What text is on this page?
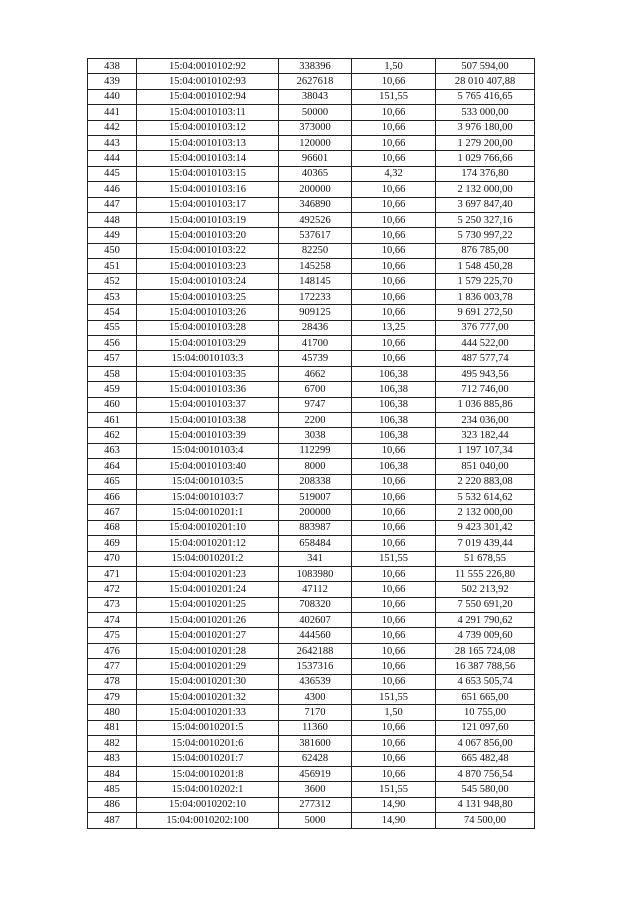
438	15:04:0010102:92	338396	1,50	507 594,00
439	15:04:0010102:93	2627618	10,66	28 010 407,88
440	15:04:0010102:94	38043	151,55	5 765 416,65
441	15:04:0010103:11	50000	10,66	533 000,00
442	15:04:0010103:12	373000	10,66	3 976 180,00
443	15:04:0010103:13	120000	10,66	1 279 200,00
444	15:04:0010103:14	96601	10,66	1 029 766,66
445	15:04:0010103:15	40365	4,32	174 376,80
446	15:04:0010103:16	200000	10,66	2 132 000,00
447	15:04:0010103:17	346890	10,66	3 697 847,40
448	15:04:0010103:19	492526	10,66	5 250 327,16
449	15:04:0010103:20	537617	10,66	5 730 997,22
450	15:04:0010103:22	82250	10,66	876 785,00
451	15:04:0010103:23	145258	10,66	1 548 450,28
452	15:04:0010103:24	148145	10,66	1 579 225,70
453	15:04:0010103:25	172233	10,66	1 836 003,78
454	15:04:0010103:26	909125	10,66	9 691 272,50
455	15:04:0010103:28	28436	13,25	376 777,00
456	15:04:0010103:29	41700	10,66	444 522,00
457	15:04:0010103:3	45739	10,66	487 577,74
458	15:04:0010103:35	4662	106,38	495 943,56
459	15:04:0010103:36	6700	106,38	712 746,00
460	15:04:0010103:37	9747	106,38	1 036 885,86
461	15:04:0010103:38	2200	106,38	234 036,00
462	15:04:0010103:39	3038	106,38	323 182,44
463	15:04:0010103:4	112299	10,66	1 197 107,34
464	15:04:0010103:40	8000	106,38	851 040,00
465	15:04:0010103:5	208338	10,66	2 220 883,08
466	15:04:0010103:7	519007	10,66	5 532 614,62
467	15:04:0010201:1	200000	10,66	2 132 000,00
468	15:04:0010201:10	883987	10,66	9 423 301,42
469	15:04:0010201:12	658484	10,66	7 019 439,44
470	15:04:0010201:2	341	151,55	51 678,55
471	15:04:0010201:23	1083980	10,66	11 555 226,80
472	15:04:0010201:24	47112	10,66	502 213,92
473	15:04:0010201:25	708320	10,66	7 550 691,20
474	15:04:0010201:26	402607	10,66	4 291 790,62
475	15:04:0010201:27	444560	10,66	4 739 009,60
476	15:04:0010201:28	2642188	10,66	28 165 724,08
477	15:04:0010201:29	1537316	10,66	16 387 788,56
478	15:04:0010201:30	436539	10,66	4 653 505,74
479	15:04:0010201:32	4300	151,55	651 665,00
480	15:04:0010201:33	7170	1,50	10 755,00
481	15:04:0010201:5	11360	10,66	121 097,60
482	15:04:0010201:6	381600	10,66	4 067 856,00
483	15:04:0010201:7	62428	10,66	665 482,48
484	15:04:0010201:8	456919	10,66	4 870 756,54
485	15:04:0010202:1	3600	151,55	545 580,00
486	15:04:0010202:10	277312	14,90	4 131 948,80
487	15:04:0010202:100	5000	14,90	74 500,00
